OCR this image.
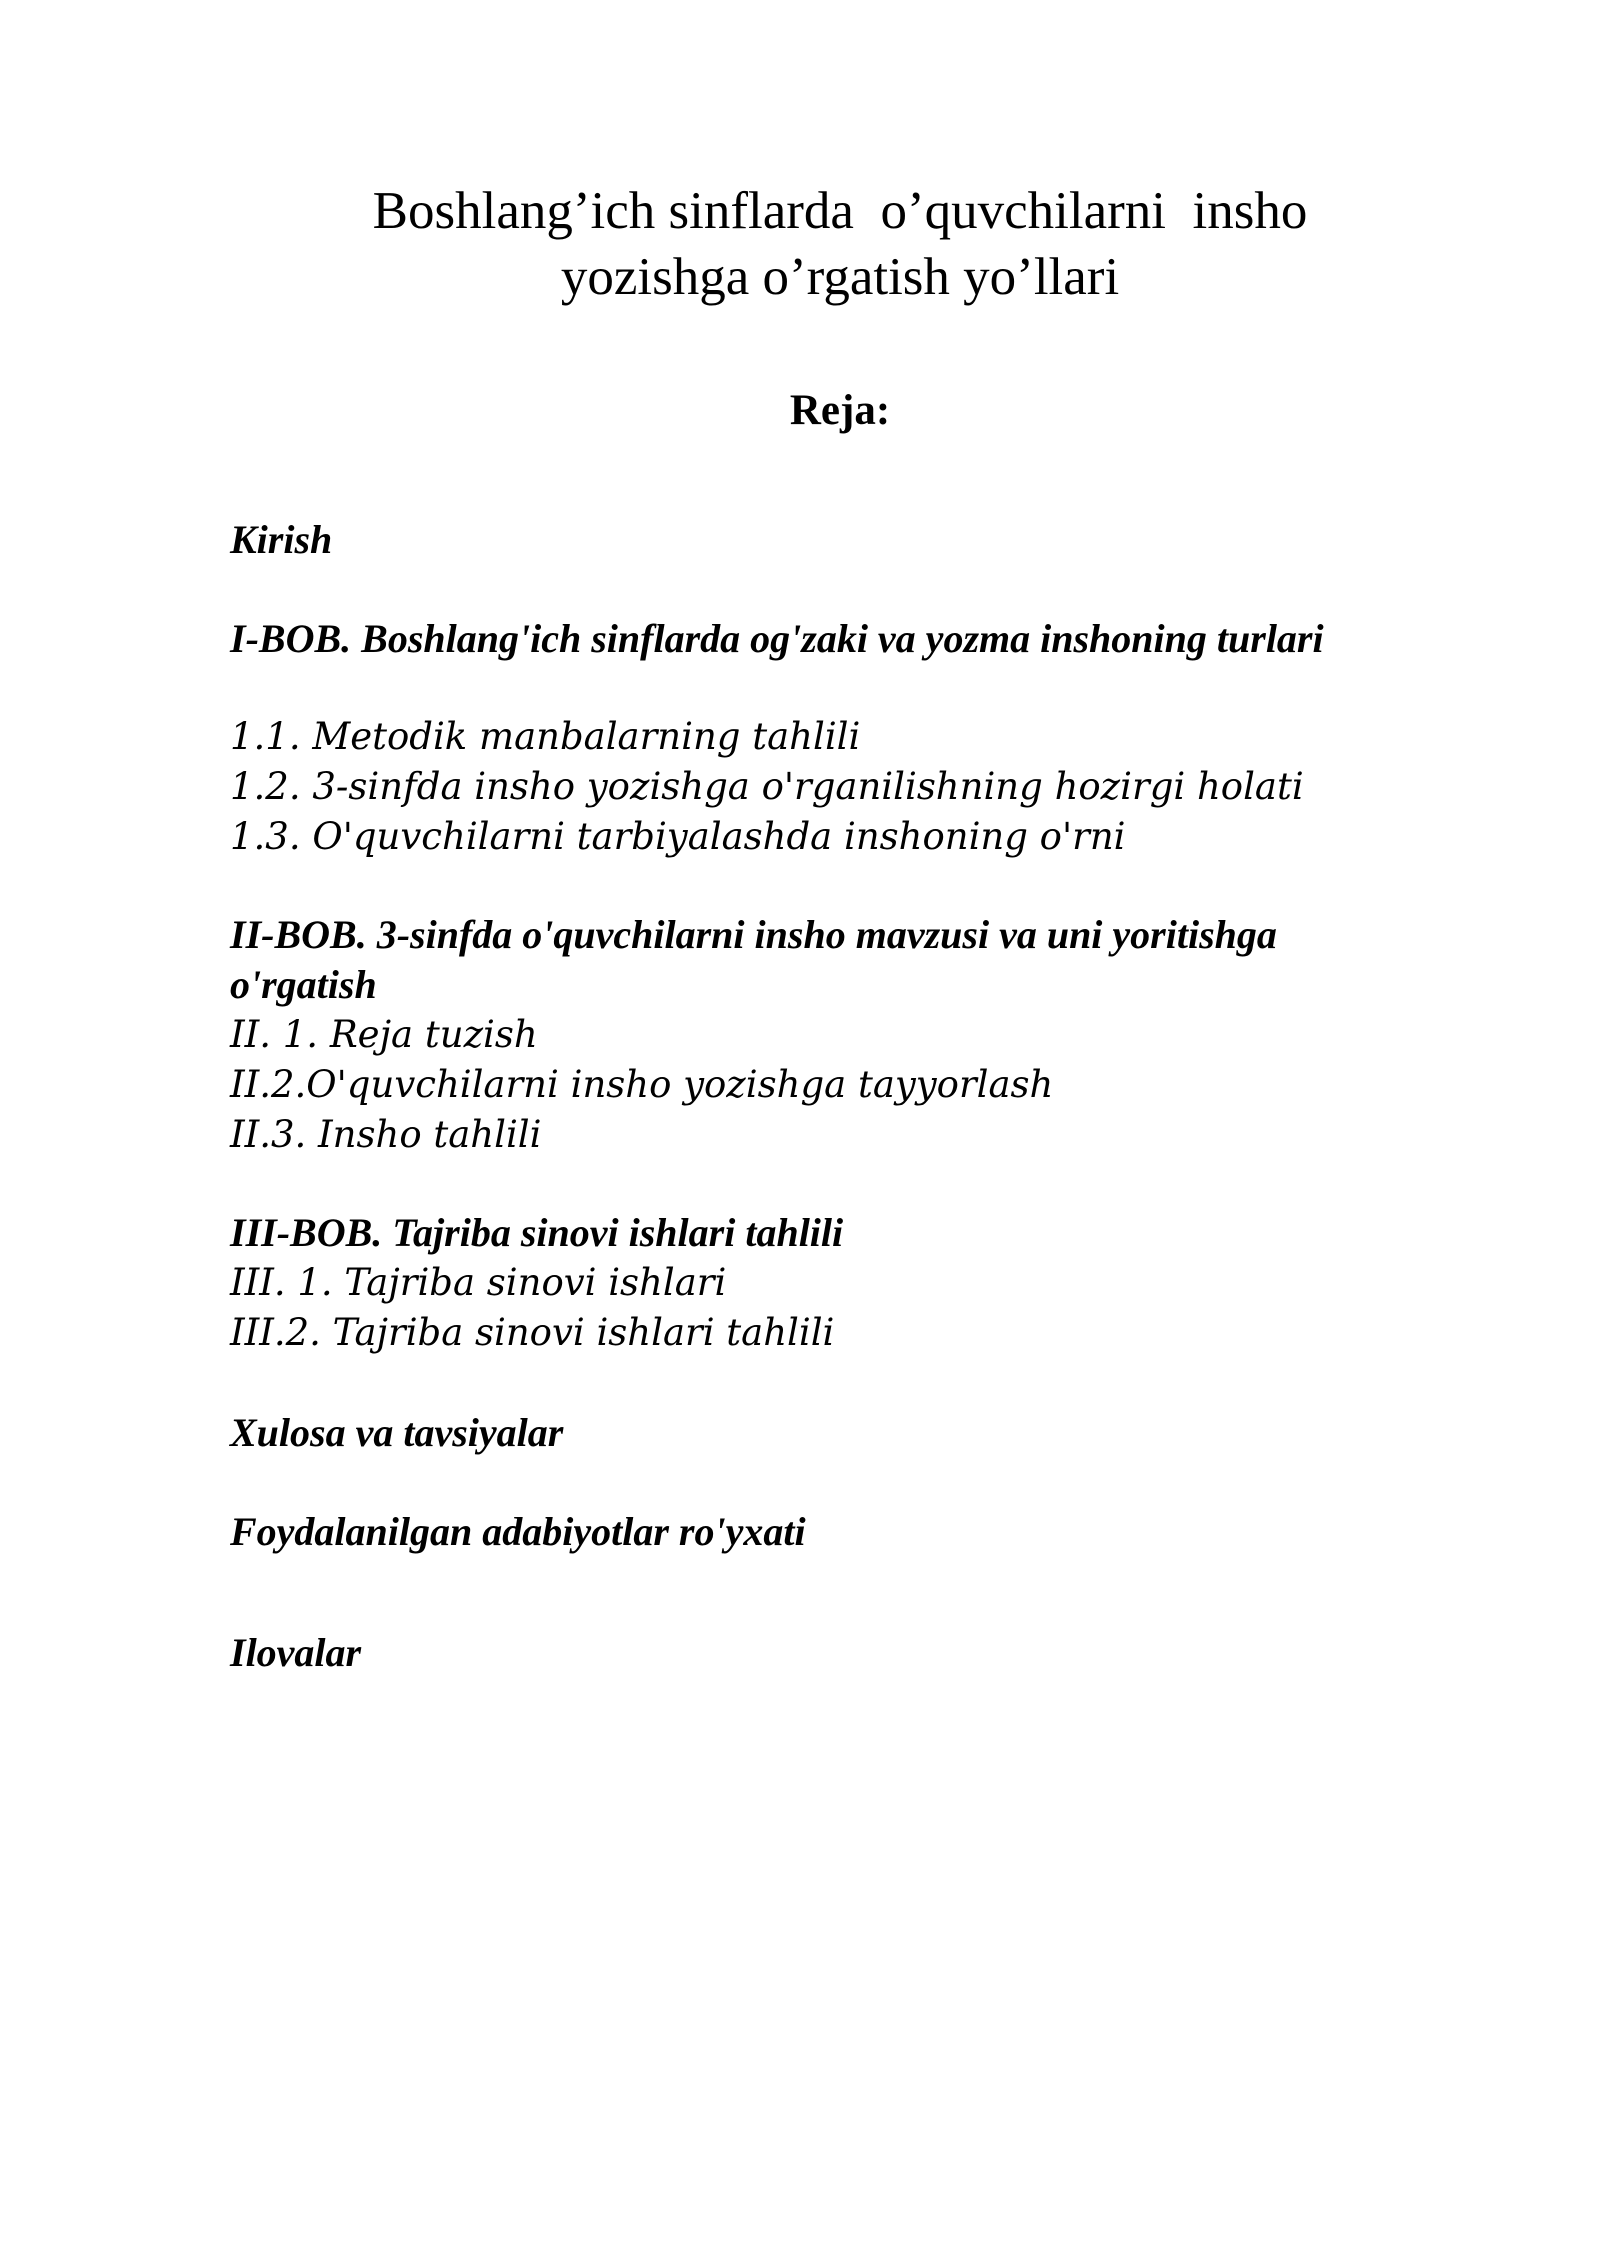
Boshlang’ich sinflarda  o’quvchilarni  insho
yozishga o’rgatish yo’llari
Reja:
Kirish
I-BOB. Boshlang'ich sinflarda og'zaki va yozma inshoning turlari
1.1. Metodik manbalarning tahlili
1.2. 3-sinfda insho yozishga o'rganilishning hozirgi holati
1.3. O'quvchilarni tarbiyalashda inshoning o'rni
II-BOB. 3-sinfda o'quvchilarni insho mavzusi va uni yoritishga
o'rgatish
II. 1. Reja tuzish
II.2.O'quvchilarni insho yozishga tayyorlash
II.3. Insho tahlili
III-BOB. Tajriba sinovi ishlari tahlili
III. 1. Tajriba sinovi ishlari
III.2. Tajriba sinovi ishlari tahlili
Xulosa va tavsiyalar
Foydalanilgan adabiyotlar ro'yxati
Ilovalar
